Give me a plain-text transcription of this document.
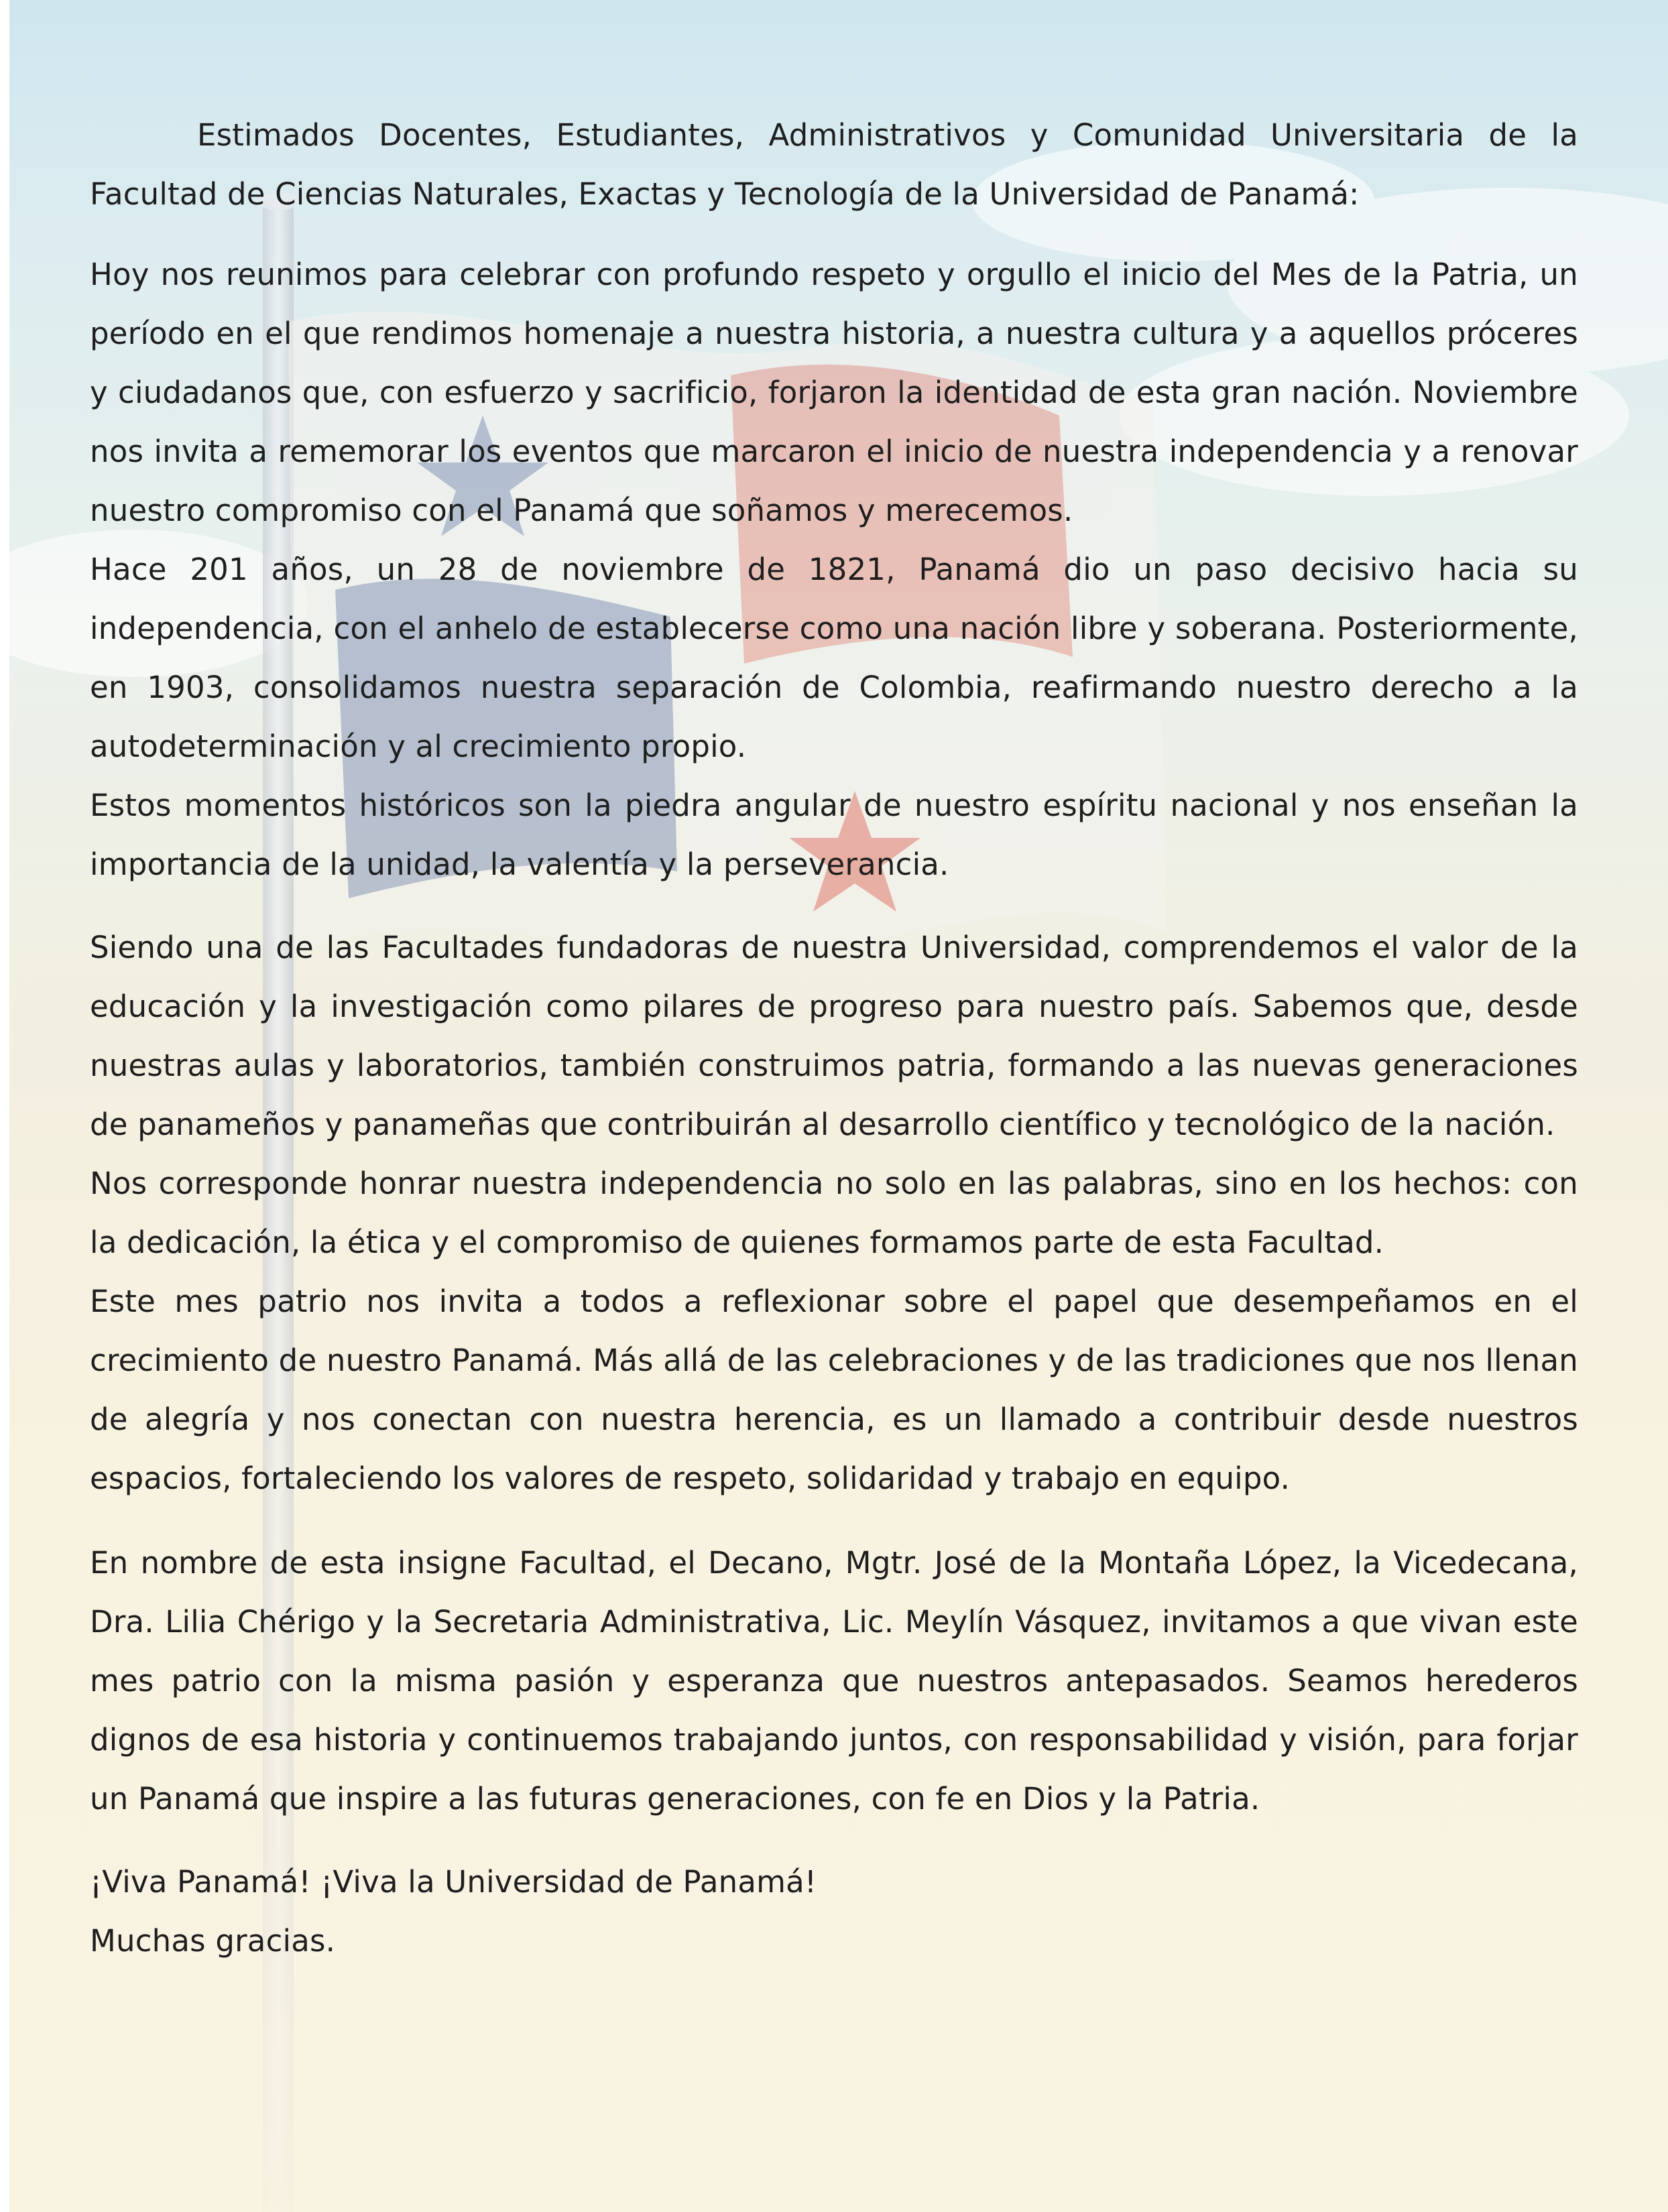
Estimados Docentes, Estudiantes, Administrativos y Comunidad Universitaria de la Facultad de Ciencias Naturales, Exactas y Tecnología de la Universidad de Panamá:

Hoy nos reunimos para celebrar con profundo respeto y orgullo el inicio del Mes de la Patria, un período en el que rendimos homenaje a nuestra historia, a nuestra cultura y a aquellos próceres y ciudadanos que, con esfuerzo y sacrificio, forjaron la identidad de esta gran nación. Noviembre nos invita a rememorar los eventos que marcaron el inicio de nuestra independencia y a renovar nuestro compromiso con el Panamá que soñamos y merecemos.

Hace 201 años, un 28 de noviembre de 1821, Panamá dio un paso decisivo hacia su independencia, con el anhelo de establecerse como una nación libre y soberana. Posteriormente, en 1903, consolidamos nuestra separación de Colombia, reafirmando nuestro derecho a la autodeterminación y al crecimiento propio.

Estos momentos históricos son la piedra angular de nuestro espíritu nacional y nos enseñan la importancia de la unidad, la valentía y la perseverancia.

Siendo una de las Facultades fundadoras de nuestra Universidad, comprendemos el valor de la educación y la investigación como pilares de progreso para nuestro país. Sabemos que, desde nuestras aulas y laboratorios, también construimos patria, formando a las nuevas generaciones de panameños y panameñas que contribuirán al desarrollo científico y tecnológico de la nación.

Nos corresponde honrar nuestra independencia no solo en las palabras, sino en los hechos: con la dedicación, la ética y el compromiso de quienes formamos parte de esta Facultad.

Este mes patrio nos invita a todos a reflexionar sobre el papel que desempeñamos en el crecimiento de nuestro Panamá. Más allá de las celebraciones y de las tradiciones que nos llenan de alegría y nos conectan con nuestra herencia, es un llamado a contribuir desde nuestros espacios, fortaleciendo los valores de respeto, solidaridad y trabajo en equipo.

En nombre de esta insigne Facultad, el Decano, Mgtr. José de la Montaña López, la Vicedecana, Dra. Lilia Chérigo y la Secretaria Administrativa, Lic. Meylín Vásquez, invitamos a que vivan este mes patrio con la misma pasión y esperanza que nuestros antepasados. Seamos herederos dignos de esa historia y continuemos trabajando juntos, con responsabilidad y visión, para forjar un Panamá que inspire a las futuras generaciones, con fe en Dios y la Patria.

¡Viva Panamá! ¡Viva la Universidad de Panamá!

Muchas gracias.
